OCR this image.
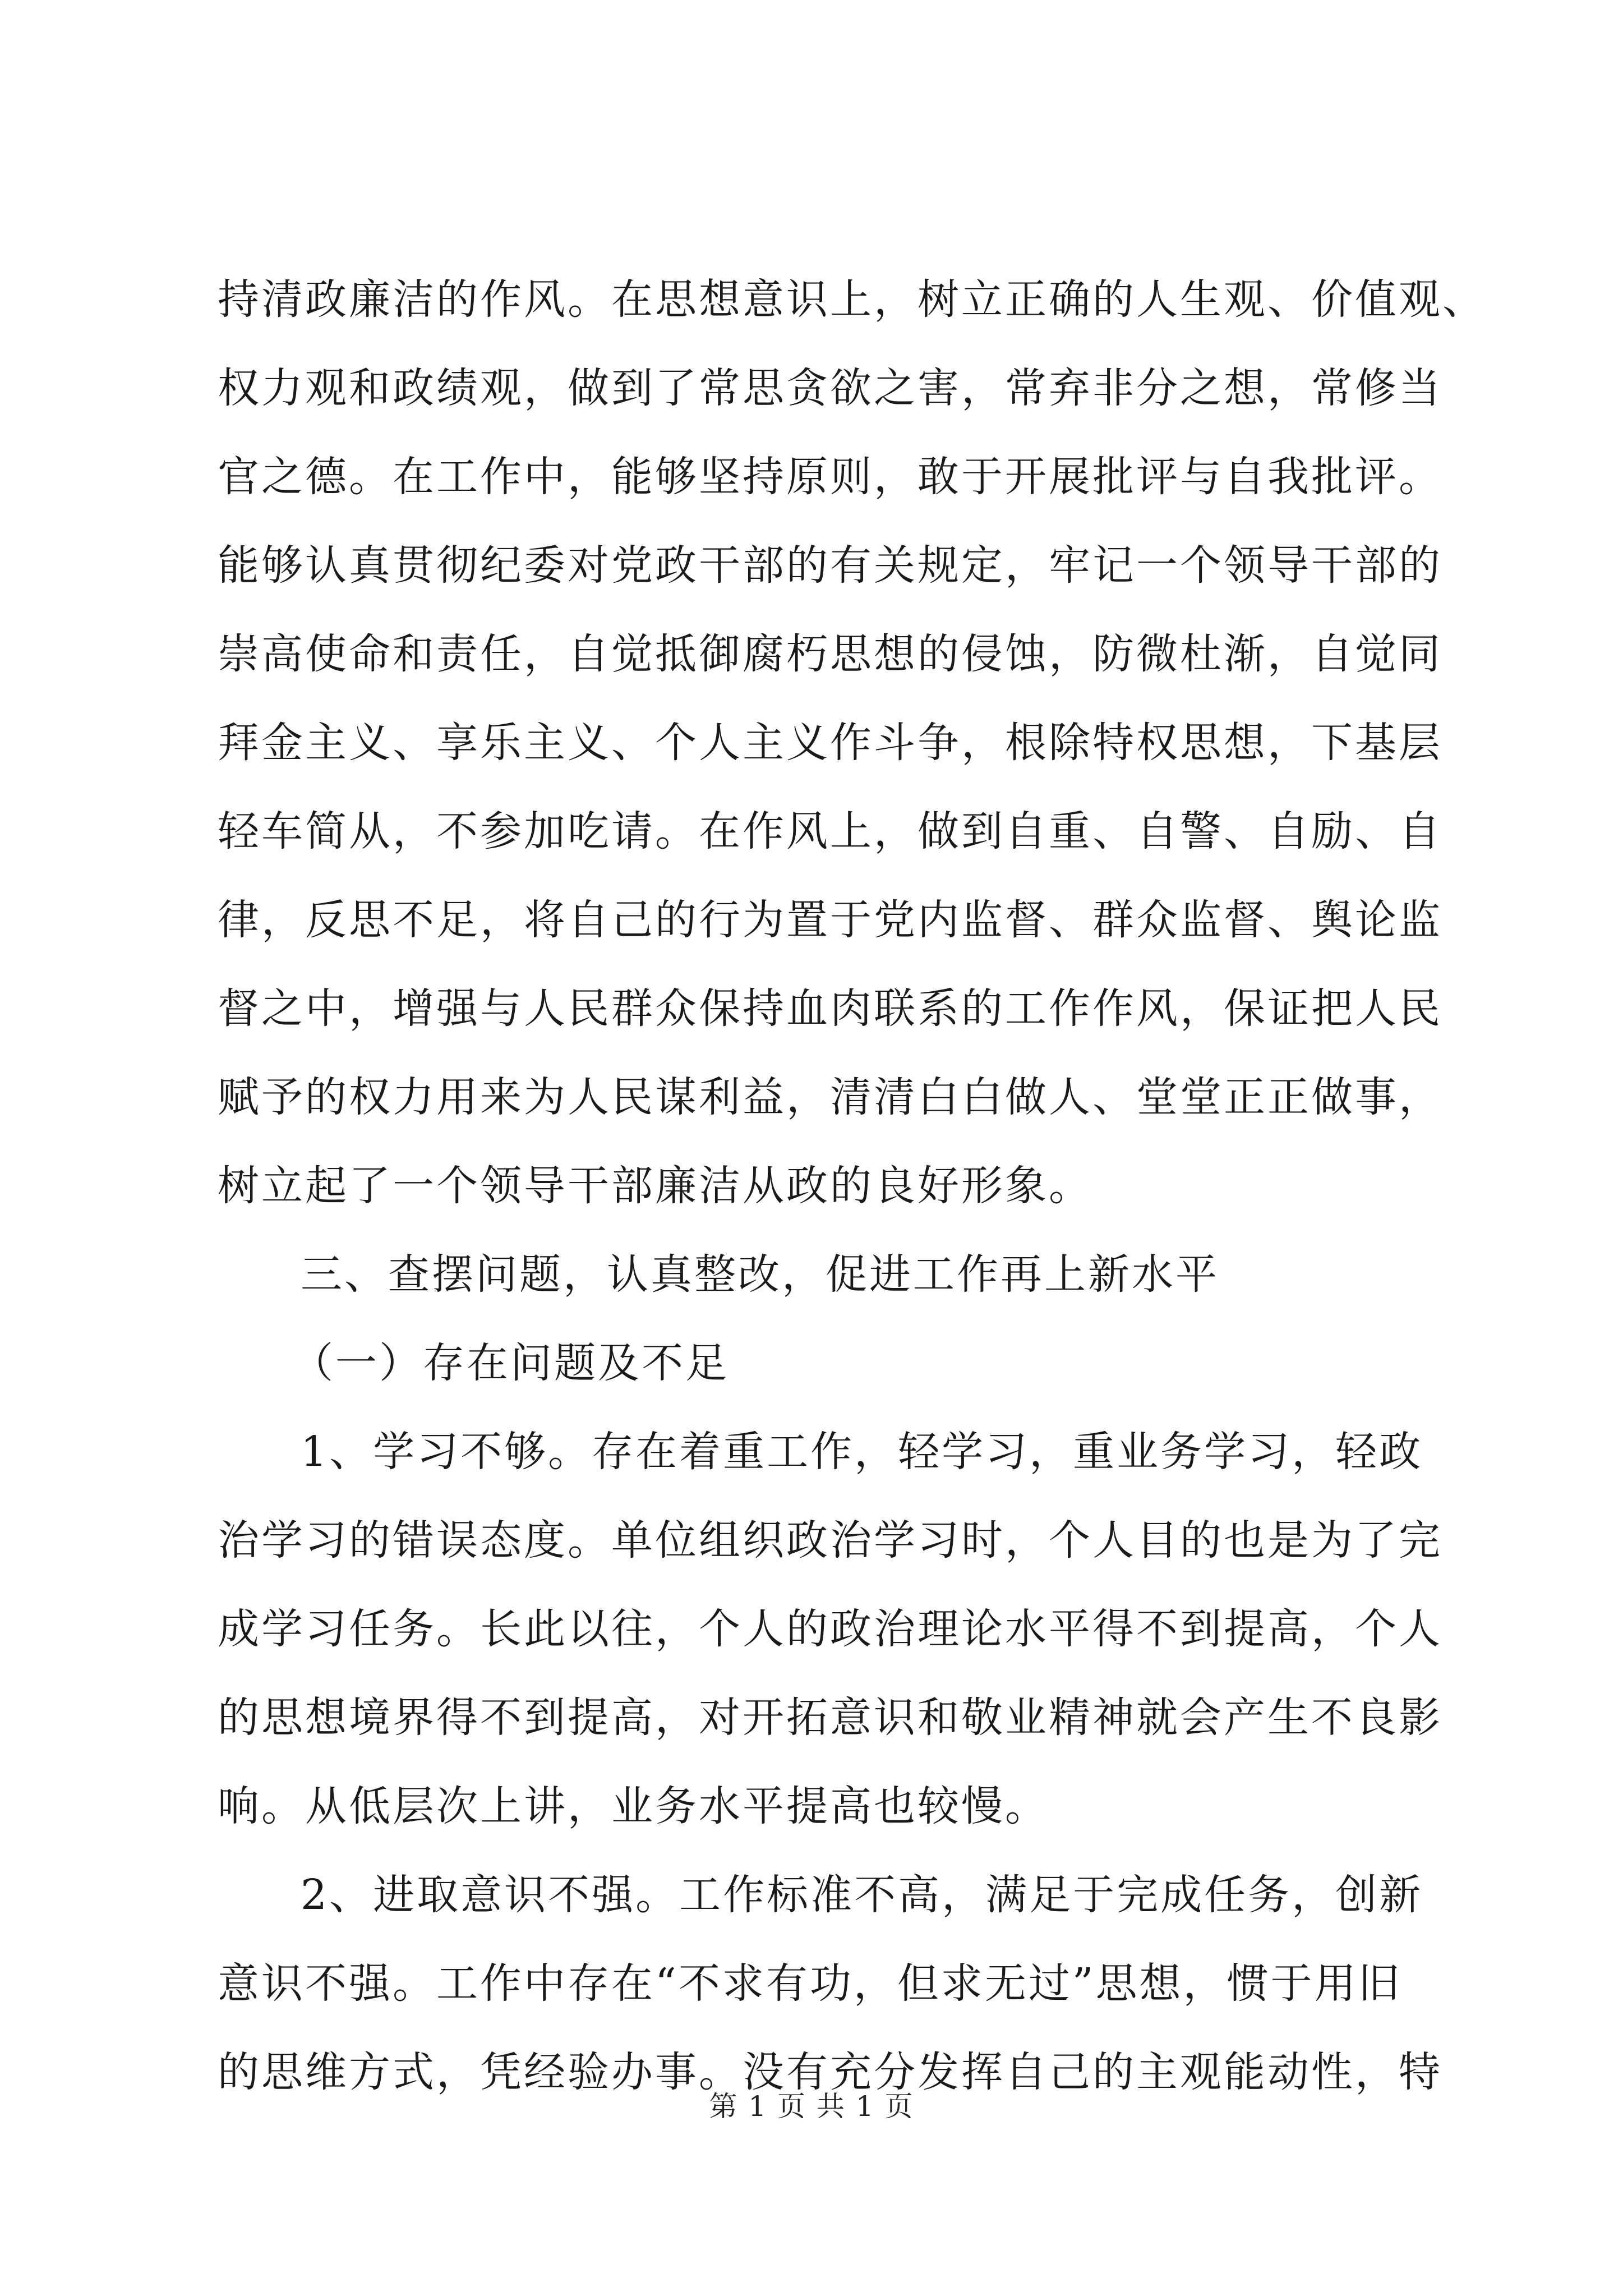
持清政廉洁的作风。在思想意识上，树立正确的人生观、价值观、
权力观和政绩观，做到了常思贪欲之害，常弃非分之想，常修当
官之德。在工作中，能够坚持原则，敢于开展批评与自我批评。
能够认真贯彻纪委对党政干部的有关规定，牢记一个领导干部的
崇高使命和责任，自觉抵御腐朽思想的侵蚀，防微杜渐，自觉同
拜金主义、享乐主义、个人主义作斗争，根除特权思想，下基层
轻车简从，不参加吃请。在作风上，做到自重、自警、自励、自
律，反思不足，将自己的行为置于党内监督、群众监督、舆论监
督之中，增强与人民群众保持血肉联系的工作作风，保证把人民
赋予的权力用来为人民谋利益，清清白白做人、堂堂正正做事，
树立起了一个领导干部廉洁从政的良好形象。
三、查摆问题，认真整改，促进工作再上新水平
（一）存在问题及不足
1、学习不够。存在着重工作，轻学习，重业务学习，轻政
治学习的错误态度。单位组织政治学习时，个人目的也是为了完
成学习任务。长此以往，个人的政治理论水平得不到提高，个人
的思想境界得不到提高，对开拓意识和敬业精神就会产生不良影
响。从低层次上讲，业务水平提高也较慢。
2、进取意识不强。工作标准不高，满足于完成任务，创新
意识不强。工作中存在“不求有功，但求无过”思想，惯于用旧
的思维方式，凭经验办事。没有充分发挥自己的主观能动性，特
第 1 页 共 1 页
